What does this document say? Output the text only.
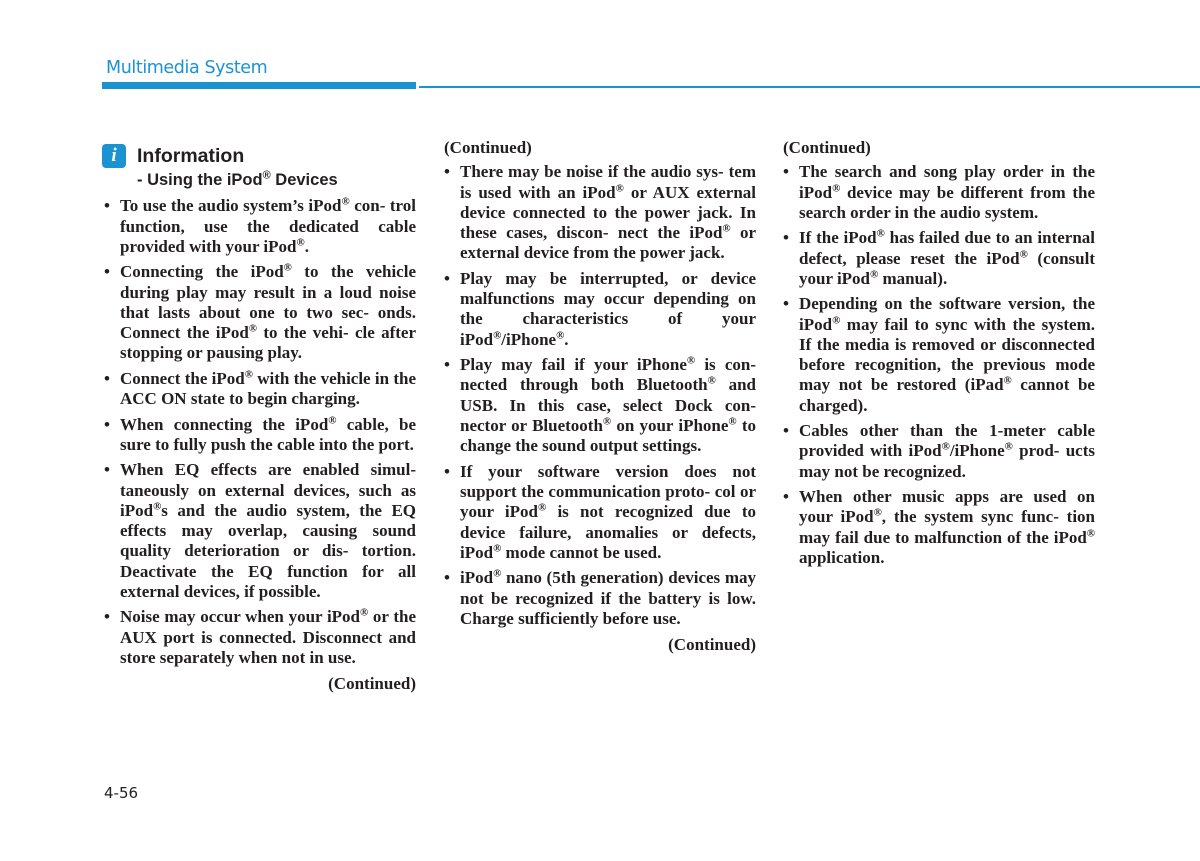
Multimedia System
i	Information
- Using the iPod® Devices
• To use the audio system’s iPod® con- trol function, use the dedicated cable provided with your iPod®.
• Connecting the iPod® to the vehicle during play may result in a loud noise that lasts about one to two sec- onds. Connect the iPod® to the vehi- cle after stopping or pausing play.
• Connect the iPod® with the vehicle in the ACC ON state to begin charging.
• When connecting the iPod® cable, be sure to fully push the cable into the port.
• When EQ effects are enabled simul- taneously on external devices, such as iPod®s and the audio system, the EQ effects may overlap, causing sound quality deterioration or dis- tortion. Deactivate the EQ function for all external devices, if possible.
• Noise may occur when your iPod® or the AUX port is connected. Disconnect and store separately when not in use.
(Continued)
(Continued)
• There may be noise if the audio sys- tem is used with an iPod® or AUX external device connected to the power jack. In these cases, discon- nect the iPod® or external device from the power jack.
• Play may be interrupted, or device malfunctions may occur depending on the characteristics of your iPod®/iPhone®.
• Play may fail if your iPhone® is con- nected through both Bluetooth® and USB. In this case, select Dock con- nector or Bluetooth® on your iPhone® to change the sound output settings.
• If your software version does not support the communication proto- col or your iPod® is not recognized due to device failure, anomalies or defects, iPod® mode cannot be used.
• iPod® nano (5th generation) devices may not be recognized if the battery is low. Charge sufficiently before use.
(Continued)
(Continued)
• The search and song play order in the iPod® device may be different from the search order in the audio system.
• If the iPod® has failed due to an internal defect, please reset the iPod® (consult your iPod® manual).
• Depending on the software version, the iPod® may fail to sync with the system. If the media is removed or disconnected before recognition, the previous mode may not be restored (iPad® cannot be charged).
• Cables other than the 1-meter cable provided with iPod®/iPhone® prod- ucts may not be recognized.
• When other music apps are used on your iPod®, the system sync func- tion may fail due to malfunction of the iPod® application.
4-56
